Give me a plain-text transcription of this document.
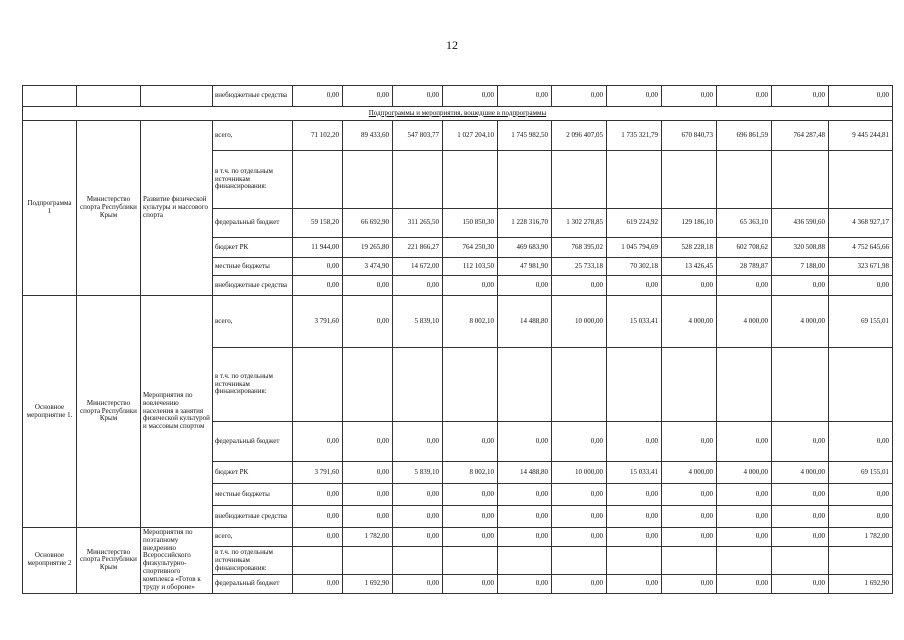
12
			внебюджетные средства	0,00	0,00	0,00	0,00	0,00	0,00	0,00	0,00	0,00	0,00	0,00
Подпрограммы и мероприятия, вошедшие в подпрограммы														
Подпрограмма 1	Министерство спорта Республики Крым	Развитие физической культуры и массового спорта	всего,	71 102,20	89 433,60	547 803,77	1 027 204,10	1 745 982,50	2 096 407,05	1 735 321,79	670 840,73	696 861,59	764 287,48	9 445 244,81
			в т.ч. по отдельным источникам финансирования:											
			федеральный бюджет	59 158,20	66 692,90	311 265,50	150 850,30	1 228 316,70	1 302 278,85	619 224,92	129 186,10	65 363,10	436 590,60	4 368 927,17
			бюджет РК	11 944,00	19 265,80	221 866,27	764 250,30	469 683,90	768 395,02	1 045 794,69	528 228,18	602 708,62	320 508,88	4 752 645,66
			местные бюджеты	0,00	3 474,90	14 672,00	112 103,50	47 981,90	25 733,18	70 302,18	13 426,45	28 789,87	7 188,00	323 671,98
			внебюджетные средства	0,00	0,00	0,00	0,00	0,00	0,00	0,00	0,00	0,00	0,00	0,00
Основное мероприятие 1.	Министерство спорта Республики Крым	Мероприятия по вовлечению населения в занятия физической культурой и массовым спортом	всего,	3 791,60	0,00	5 839,10	8 002,10	14 488,80	10 000,00	15 033,41	4 000,00	4 000,00	4 000,00	69 155,01
			в т.ч. по отдельным источникам финансирования:											
			федеральный бюджет	0,00	0,00	0,00	0,00	0,00	0,00	0,00	0,00	0,00	0,00	0,00
			бюджет РК	3 791,60	0,00	5 839,10	8 002,10	14 488,80	10 000,00	15 033,41	4 000,00	4 000,00	4 000,00	69 155,01
			местные бюджеты	0,00	0,00	0,00	0,00	0,00	0,00	0,00	0,00	0,00	0,00	0,00
			внебюджетные средства	0,00	0,00	0,00	0,00	0,00	0,00	0,00	0,00	0,00	0,00	0,00
Основное мероприятие 2	Министерство спорта Республики Крым	Мероприятия по поэтапному внедрению Всероссийского физкультурно-спортивного комплекса «Готов к труду и обороне»	всего,	0,00	1 782,00	0,00	0,00	0,00	0,00	0,00	0,00	0,00	0,00	1 782,00
			в т.ч. по отдельным источникам финансирования:											
			федеральный бюджет	0,00	1 692,90	0,00	0,00	0,00	0,00	0,00	0,00	0,00	0,00	1 692,90
